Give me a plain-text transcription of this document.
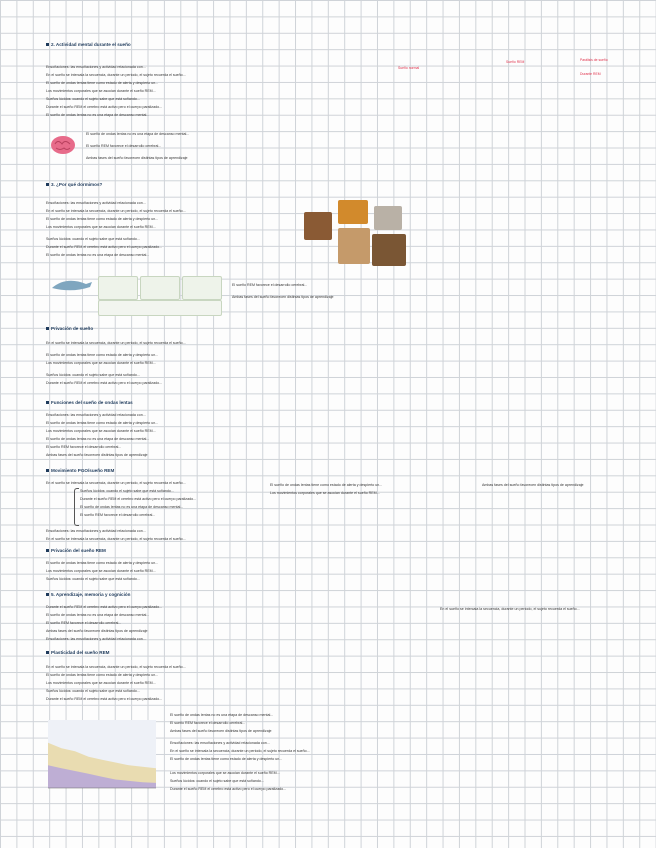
2. Actividad mental durante el sueño
Ensoñaciones: las ensoñaciones y actividad relacionada con...
En el sueño se intercala la secuencia, durante un periodo, el sujeto recuerda el sueño...
El sueño de ondas lentas tiene como estado de alerta y despierto un...
Los movimientos corporales que se asocian durante el sueño REM...
Sueños lúcidos: cuando el sujeto sabe que está soñando...
Durante el sueño REM el cerebro está activo pero el cuerpo paralizado...
El sueño de ondas lentas no es una etapa de descanso mental...
Sueño normal
Sueño REM	Parálisis de sueño
Durante REM
El sueño de ondas lentas no es una etapa de descanso mental...
El sueño REM favorece el desarrollo cerebral...
Ambas fases del sueño favorecen distintas tipos de aprendizaje
3. ¿Por qué dormimos?
Ensoñaciones: las ensoñaciones y actividad relacionada con...
En el sueño se intercala la secuencia, durante un periodo, el sujeto recuerda el sueño...
El sueño de ondas lentas tiene como estado de alerta y despierto un...
Los movimientos corporales que se asocian durante el sueño REM...
Sueños lúcidos: cuando el sujeto sabe que está soñando...
Durante el sueño REM el cerebro está activo pero el cuerpo paralizado...
El sueño de ondas lentas no es una etapa de descanso mental...
El sueño REM favorece el desarrollo cerebral...
Ambas fases del sueño favorecen distintas tipos de aprendizaje
Privación de sueño
En el sueño se intercala la secuencia, durante un periodo, el sujeto recuerda el sueño...
El sueño de ondas lentas tiene como estado de alerta y despierto un...
Los movimientos corporales que se asocian durante el sueño REM...
Sueños lúcidos: cuando el sujeto sabe que está soñando...
Durante el sueño REM el cerebro está activo pero el cuerpo paralizado...
Funciones del sueño de ondas lentas
Ensoñaciones: las ensoñaciones y actividad relacionada con...
El sueño de ondas lentas tiene como estado de alerta y despierto un...
Los movimientos corporales que se asocian durante el sueño REM...
El sueño de ondas lentas no es una etapa de descanso mental...
El sueño REM favorece el desarrollo cerebral...
Ambas fases del sueño favorecen distintas tipos de aprendizaje
Movimiento PGO/sueño REM
En el sueño se intercala la secuencia, durante un periodo, el sujeto recuerda el sueño...
Sueños lúcidos: cuando el sujeto sabe que está soñando...
Durante el sueño REM el cerebro está activo pero el cuerpo paralizado...
El sueño de ondas lentas no es una etapa de descanso mental...
El sueño REM favorece el desarrollo cerebral...
El sueño de ondas lentas tiene como estado de alerta y despierto un...
Los movimientos corporales que se asocian durante el sueño REM...
Ambas fases del sueño favorecen distintas tipos de aprendizaje
Ensoñaciones: las ensoñaciones y actividad relacionada con...
En el sueño se intercala la secuencia, durante un periodo, el sujeto recuerda el sueño...
Privación del sueño REM
El sueño de ondas lentas tiene como estado de alerta y despierto un...
Los movimientos corporales que se asocian durante el sueño REM...
Sueños lúcidos: cuando el sujeto sabe que está soñando...
5. Aprendizaje, memoria y cognición
Durante el sueño REM el cerebro está activo pero el cuerpo paralizado...
El sueño de ondas lentas no es una etapa de descanso mental...
El sueño REM favorece el desarrollo cerebral...
Ambas fases del sueño favorecen distintas tipos de aprendizaje
Ensoñaciones: las ensoñaciones y actividad relacionada con...
En el sueño se intercala la secuencia, durante un periodo, el sujeto recuerda el sueño...
Plasticidad del sueño REM
En el sueño se intercala la secuencia, durante un periodo, el sujeto recuerda el sueño...
El sueño de ondas lentas tiene como estado de alerta y despierto un...
Los movimientos corporales que se asocian durante el sueño REM...
Sueños lúcidos: cuando el sujeto sabe que está soñando...
Durante el sueño REM el cerebro está activo pero el cuerpo paralizado...
El sueño de ondas lentas no es una etapa de descanso mental...
El sueño REM favorece el desarrollo cerebral...
Ambas fases del sueño favorecen distintas tipos de aprendizaje
Ensoñaciones: las ensoñaciones y actividad relacionada con...
En el sueño se intercala la secuencia, durante un periodo, el sujeto recuerda el sueño...
El sueño de ondas lentas tiene como estado de alerta y despierto un...
Los movimientos corporales que se asocian durante el sueño REM...
Sueños lúcidos: cuando el sujeto sabe que está soñando...
Durante el sueño REM el cerebro está activo pero el cuerpo paralizado...
